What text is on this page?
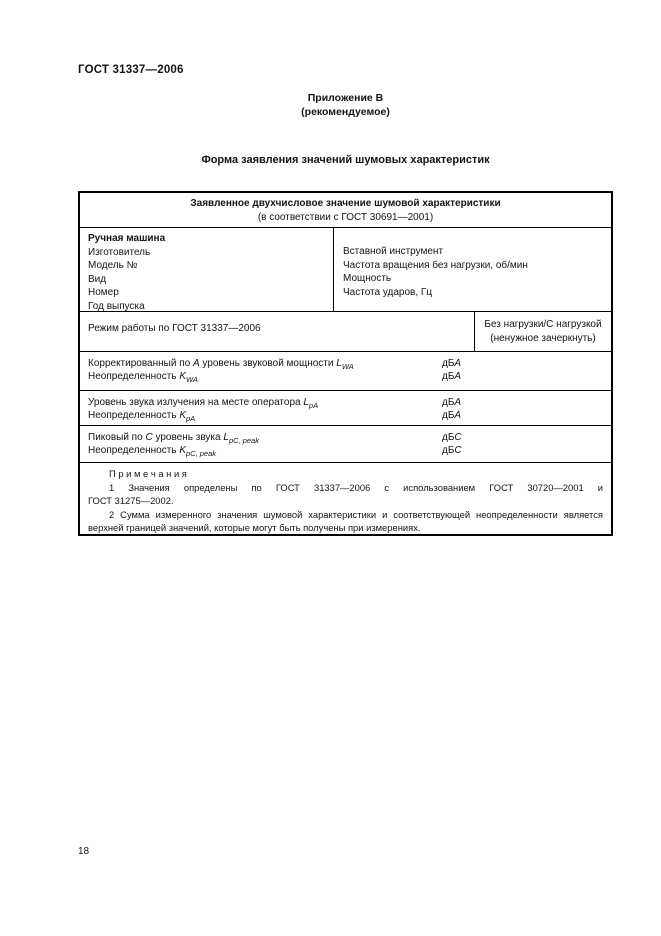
ГОСТ 31337—2006
Приложение В
(рекомендуемое)
Форма заявления значений шумовых характеристик
Заявленное двухчисловое значение шумовой характеристики
(в соответствии с ГОСТ 30691—2001)
Ручная машина
Изготовитель
Модель №
Вид
Номер
Год выпуска
Вставной инструмент
Частота вращения без нагрузки, об/мин
Мощность
Частота ударов, Гц
Режим работы по ГОСТ 31337—2006	Без нагрузки/С нагрузкой
(ненужное зачеркнуть)
Корректированный по А уровень звуковой мощности $L_{WA}$	дБА
Неопределенность $K_{WA}$	дБА
Уровень звука излучения на месте оператора $L_{pA}$	дБА
Неопределенность $K_{pA}$	дБА
Пиковый по С уровень звука $L_{pC, peak}$	дБС
Неопределенность $K_{pC, peak}$	дБС
П р и м е ч а н и я
1 Значения определены по ГОСТ 31337—2006 с использованием ГОСТ 30720—2001 и
ГОСТ 31275—2002.
2 Сумма измеренного значения шумовой характеристики и соответствующей неопределенности является
верхней границей значений, которые могут быть получены при измерениях.
18
